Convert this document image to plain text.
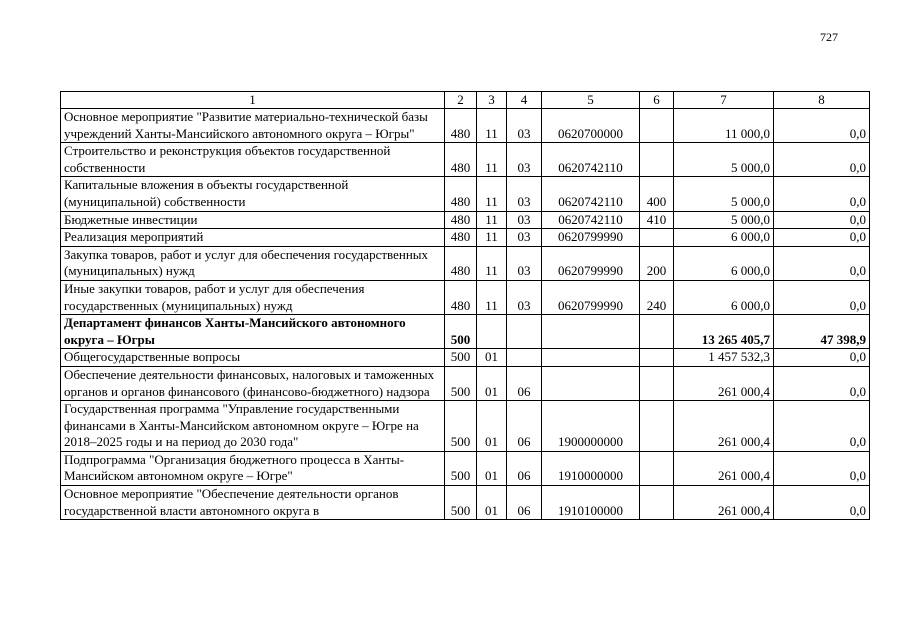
727
1	2	3	4	5	6	7	8
Основное мероприятие "Развитие материально-технической базы учреждений Ханты-Мансийского автономного округа – Югры"	480	11	03	0620700000		11 000,0	0,0
Строительство и реконструкция объектов государственной собственности	480	11	03	0620742110		5 000,0	0,0
Капитальные вложения в объекты государственной (муниципальной) собственности	480	11	03	0620742110	400	5 000,0	0,0
Бюджетные инвестиции	480	11	03	0620742110	410	5 000,0	0,0
Реализация мероприятий	480	11	03	0620799990		6 000,0	0,0
Закупка товаров, работ и услуг для обеспечения государственных (муниципальных) нужд	480	11	03	0620799990	200	6 000,0	0,0
Иные закупки товаров, работ и услуг для обеспечения государственных (муниципальных) нужд	480	11	03	0620799990	240	6 000,0	0,0
Департамент финансов Ханты-Мансийского автономного округа – Югры	500					13 265 405,7	47 398,9
Общегосударственные вопросы	500	01				1 457 532,3	0,0
Обеспечение деятельности финансовых, налоговых и таможенных органов и органов финансового (финансово-бюджетного) надзора	500	01	06			261 000,4	0,0
Государственная программа "Управление государственными финансами в Ханты-Мансийском автономном округе – Югре на 2018–2025 годы и на период до 2030 года"	500	01	06	1900000000		261 000,4	0,0
Подпрограмма "Организация бюджетного процесса в Ханты-Мансийском автономном округе – Югре"	500	01	06	1910000000		261 000,4	0,0
Основное мероприятие "Обеспечение деятельности органов государственной власти автономного округа в	500	01	06	1910100000		261 000,4	0,0
